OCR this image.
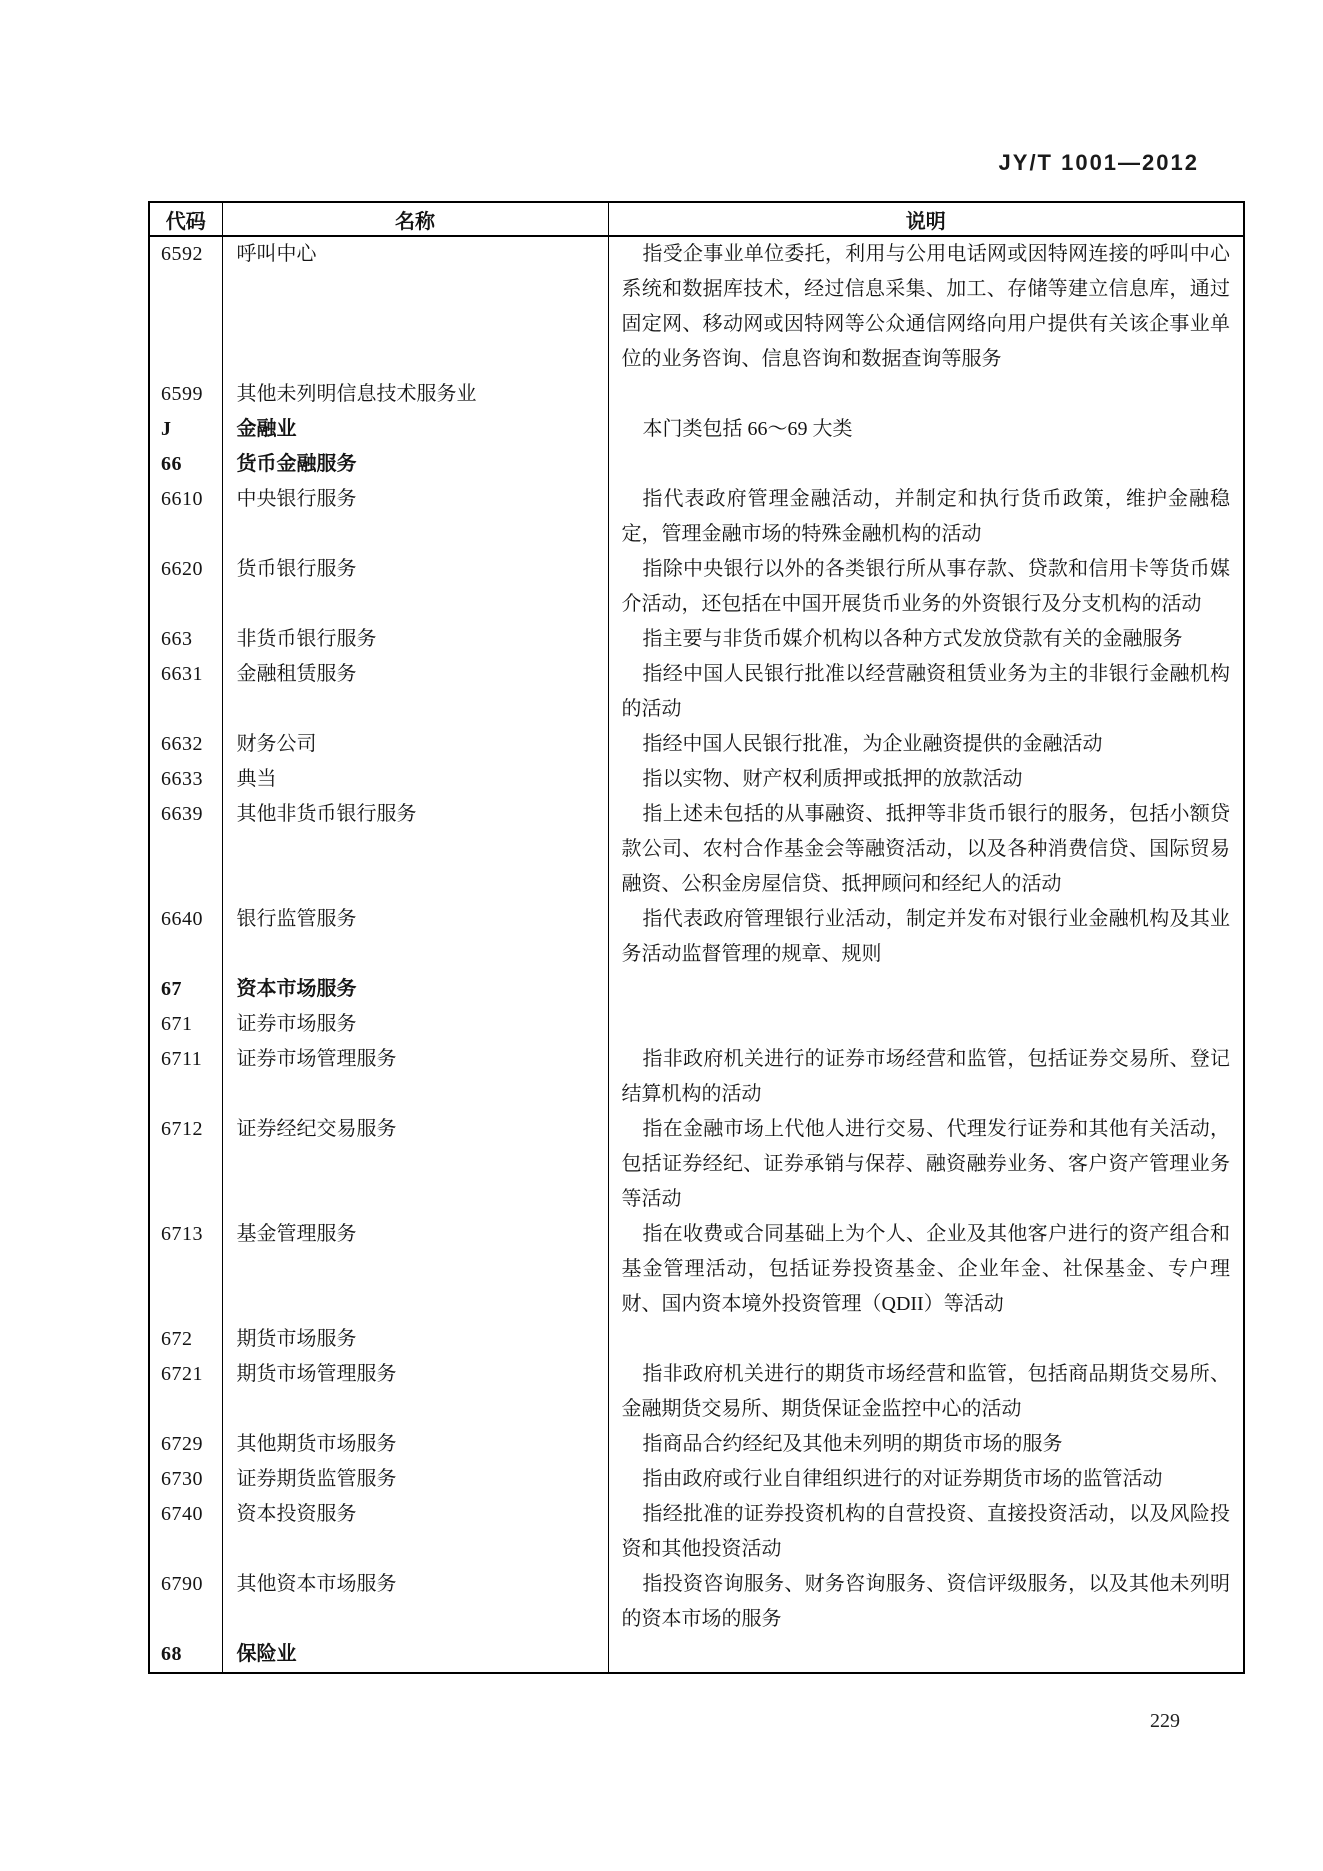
JY/T 1001—2012
代码	名称	说明
6592	呼叫中心	指受企事业单位委托，利用与公用电话网或因特网连接的呼叫中心系统和数据库技术，经过信息采集、加工、存储等建立信息库，通过固定网、移动网或因特网等公众通信网络向用户提供有关该企事业单位的业务咨询、信息咨询和数据查询等服务
6599	其他未列明信息技术服务业	
J	金融业	本门类包括 66～69 大类
66	货币金融服务	
6610	中央银行服务	指代表政府管理金融活动，并制定和执行货币政策，维护金融稳定，管理金融市场的特殊金融机构的活动
6620	货币银行服务	指除中央银行以外的各类银行所从事存款、贷款和信用卡等货币媒介活动，还包括在中国开展货币业务的外资银行及分支机构的活动
663	非货币银行服务	指主要与非货币媒介机构以各种方式发放贷款有关的金融服务
6631	金融租赁服务	指经中国人民银行批准以经营融资租赁业务为主的非银行金融机构的活动
6632	财务公司	指经中国人民银行批准，为企业融资提供的金融活动
6633	典当	指以实物、财产权利质押或抵押的放款活动
6639	其他非货币银行服务	指上述未包括的从事融资、抵押等非货币银行的服务，包括小额贷款公司、农村合作基金会等融资活动，以及各种消费信贷、国际贸易融资、公积金房屋信贷、抵押顾问和经纪人的活动
6640	银行监管服务	指代表政府管理银行业活动，制定并发布对银行业金融机构及其业务活动监督管理的规章、规则
67	资本市场服务	
671	证券市场服务	
6711	证券市场管理服务	指非政府机关进行的证券市场经营和监管，包括证券交易所、登记结算机构的活动
6712	证券经纪交易服务	指在金融市场上代他人进行交易、代理发行证券和其他有关活动，包括证券经纪、证券承销与保荐、融资融券业务、客户资产管理业务等活动
6713	基金管理服务	指在收费或合同基础上为个人、企业及其他客户进行的资产组合和基金管理活动，包括证券投资基金、企业年金、社保基金、专户理财、国内资本境外投资管理（QDII）等活动
672	期货市场服务	
6721	期货市场管理服务	指非政府机关进行的期货市场经营和监管，包括商品期货交易所、金融期货交易所、期货保证金监控中心的活动
6729	其他期货市场服务	指商品合约经纪及其他未列明的期货市场的服务
6730	证券期货监管服务	指由政府或行业自律组织进行的对证券期货市场的监管活动
6740	资本投资服务	指经批准的证券投资机构的自营投资、直接投资活动，以及风险投资和其他投资活动
6790	其他资本市场服务	指投资咨询服务、财务咨询服务、资信评级服务，以及其他未列明的资本市场的服务
68	保险业	
229
